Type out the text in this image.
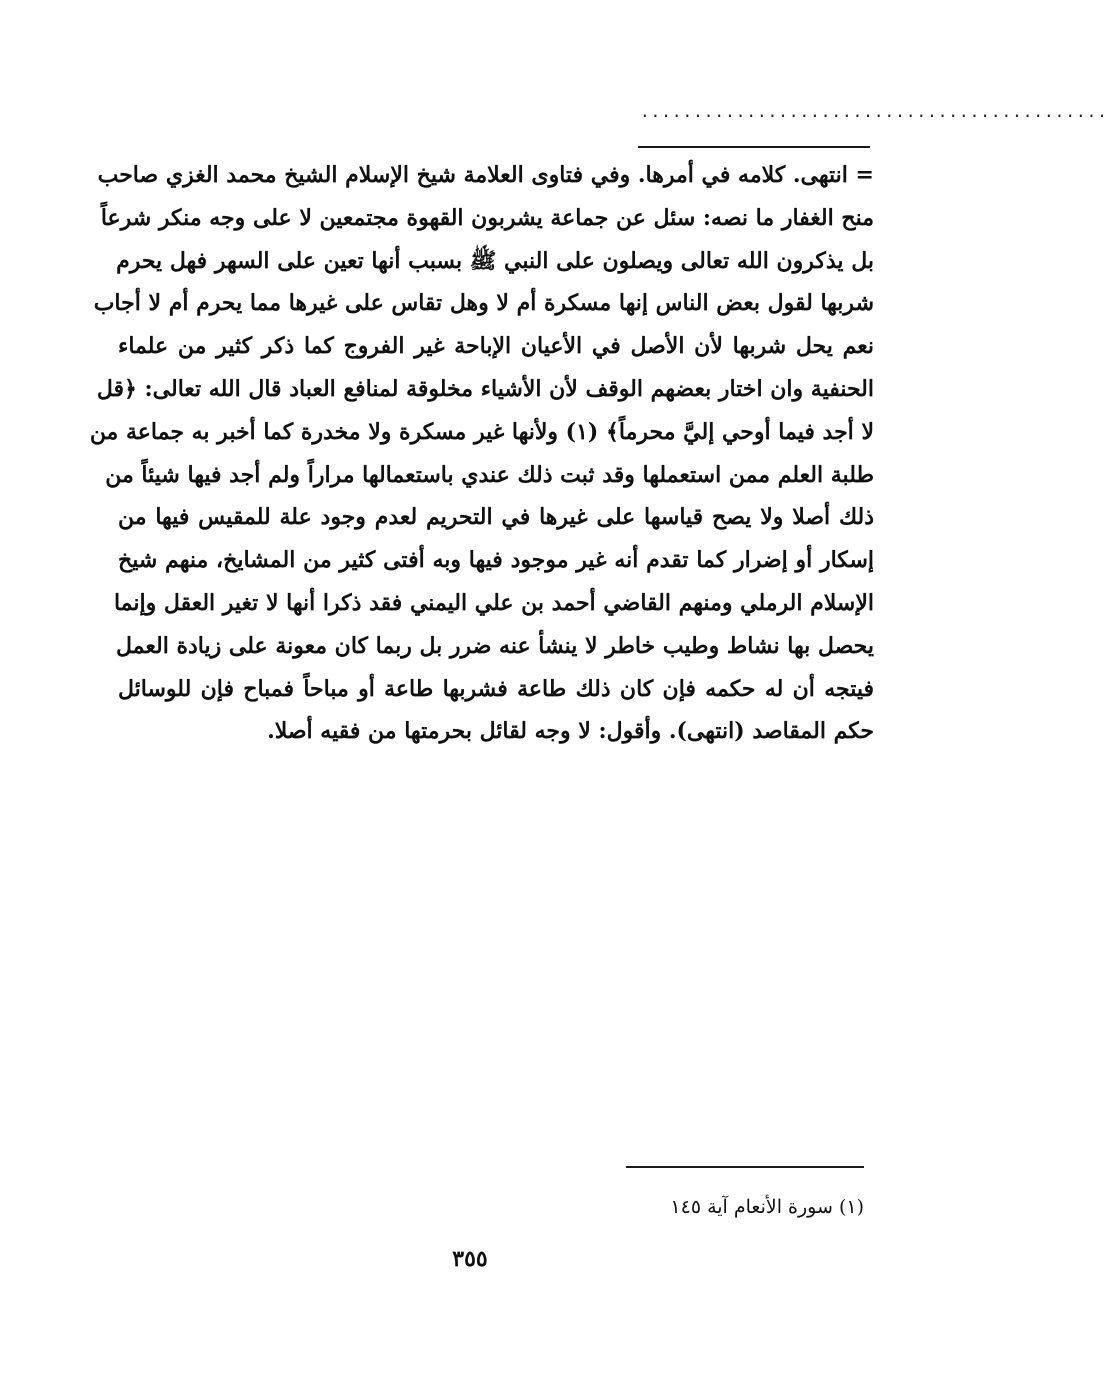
............................................
= انتهى. كلامه في أمرها. وفي فتاوى العلامة شيخ الإسلام الشيخ محمد الغزي صاحب
منح الغفار ما نصه: سئل عن جماعة يشربون القهوة مجتمعين لا على وجه منكر شرعاً
بل يذكرون الله تعالى ويصلون على النبي ﷺ بسبب أنها تعين على السهر فهل يحرم
شربها لقول بعض الناس إنها مسكرة أم لا وهل تقاس على غيرها مما يحرم أم لا أجاب
نعم يحل شربها لأن الأصل في الأعيان الإباحة غير الفروج كما ذكر كثير من علماء
الحنفية وان اختار بعضهم الوقف لأن الأشياء مخلوقة لمنافع العباد قال الله تعالى: ﴿قل
لا أجد فيما أوحي إليَّ محرماً﴾ (١) ولأنها غير مسكرة ولا مخدرة كما أخبر به جماعة من
طلبة العلم ممن استعملها وقد ثبت ذلك عندي باستعمالها مراراً ولم أجد فيها شيئاً من
ذلك أصلا ولا يصح قياسها على غيرها في التحريم لعدم وجود علة للمقيس فيها من
إسكار أو إضرار كما تقدم أنه غير موجود فيها وبه أفتى كثير من المشايخ، منهم شيخ
الإسلام الرملي ومنهم القاضي أحمد بن علي اليمني فقد ذكرا أنها لا تغير العقل وإنما
يحصل بها نشاط وطيب خاطر لا ينشأ عنه ضرر بل ربما كان معونة على زيادة العمل
فيتجه أن له حكمه فإن كان ذلك طاعة فشربها طاعة أو مباحاً فمباح فإن للوسائل
حكم المقاصد (انتهى). وأقول: لا وجه لقائل بحرمتها من فقيه أصلا.
(١) سورة الأنعام آية ١٤٥
٣٥٥
